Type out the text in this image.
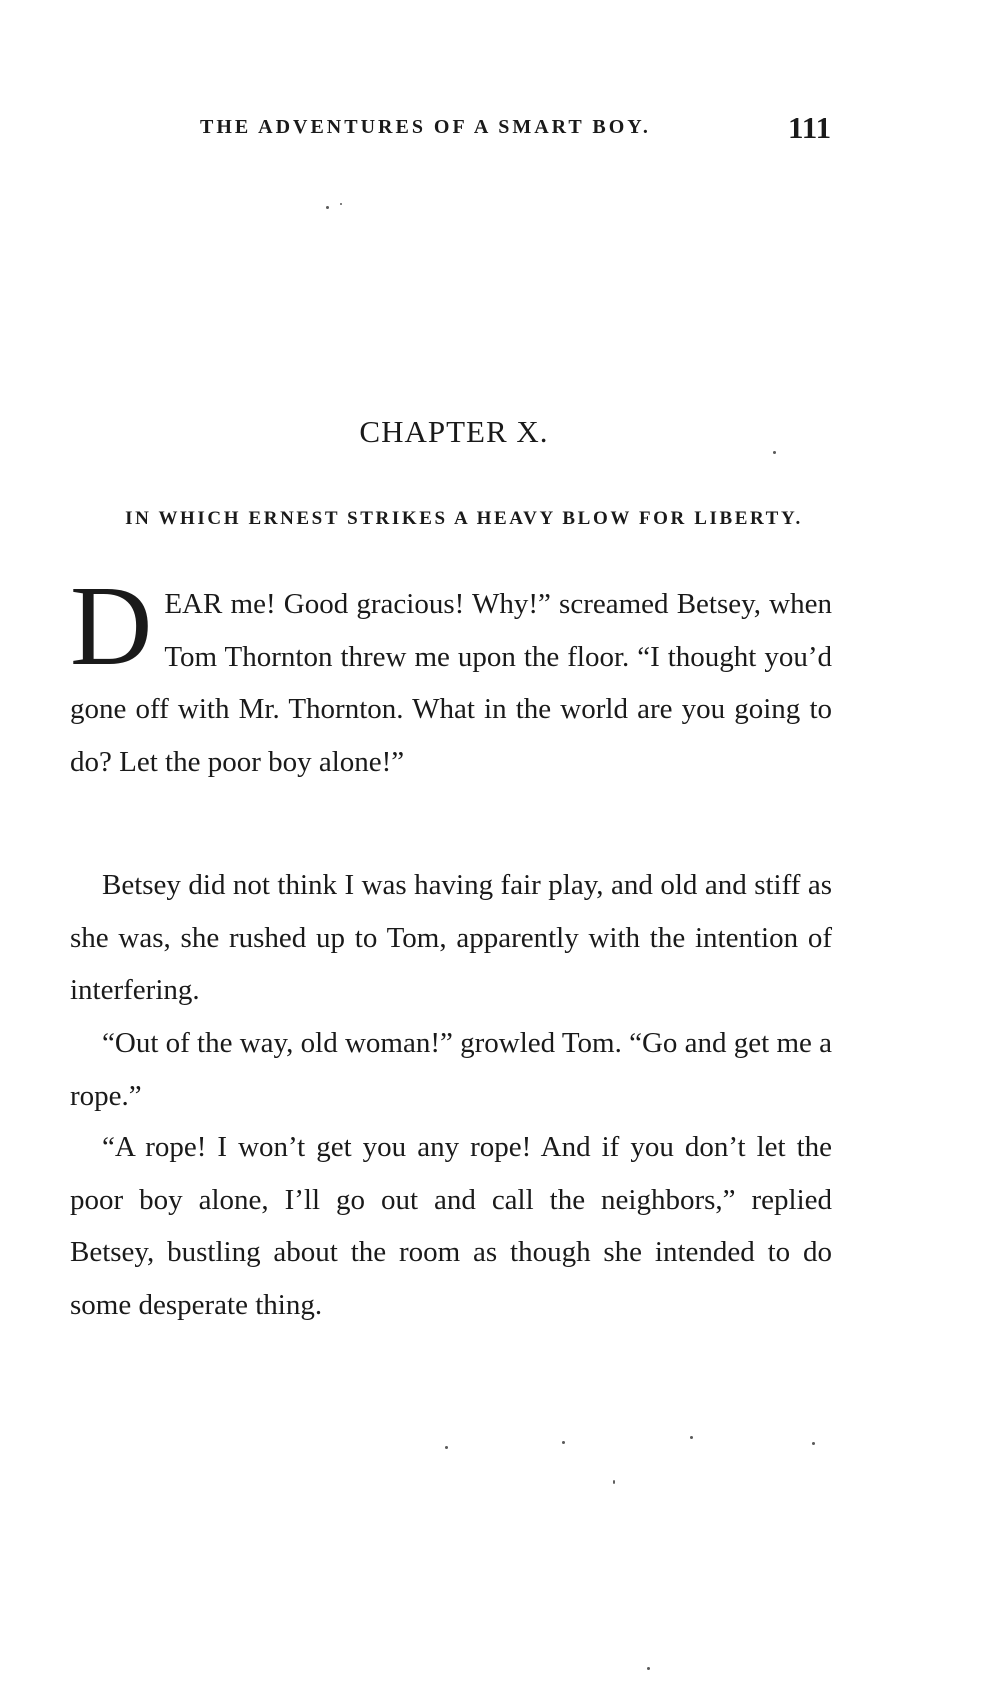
THE ADVENTURES OF A SMART BOY.	111
CHAPTER X.
IN WHICH ERNEST STRIKES A HEAVY BLOW FOR LIBERTY.

DEAR me! Good gracious! Why!” screamed Betsey, when Tom Thornton threw me upon the floor. “I thought you’d gone off with Mr. Thornton. What in the world are you going to do? Let the poor boy alone!”

Betsey did not think I was having fair play, and old and stiff as she was, she rushed up to Tom, apparently with the intention of interfering.

“Out of the way, old woman!” growled Tom. “Go and get me a rope.”

“A rope! I won’t get you any rope! And if you don’t let the poor boy alone, I’ll go out and call the neighbors,” replied Betsey, bustling about the room as though she intended to do some desperate thing.
